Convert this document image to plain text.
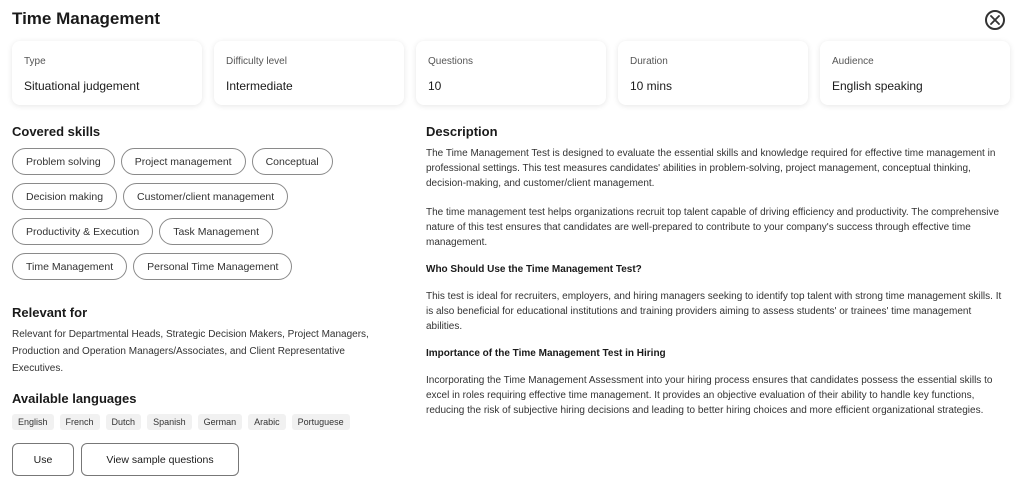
Time Management
Type
Situational judgement
Difficulty level
Intermediate
Questions
10
Duration
10 mins
Audience
English speaking
Covered skills
Problem solving	Project management	Conceptual
Decision making	Customer/client management
Productivity & Execution	Task Management
Time Management	Personal Time Management
Relevant for
Relevant for Departmental Heads, Strategic Decision Makers, Project Managers, Production and Operation Managers/Associates, and Client Representative Executives.
Available languages
English	French	Dutch	Spanish	German	Arabic	Portuguese
Use	View sample questions
Description

The Time Management Test is designed to evaluate the essential skills and knowledge required for effective time management in professional settings. This test measures candidates' abilities in problem-solving, project management, conceptual thinking, decision-making, and customer/client management.

The time management test helps organizations recruit top talent capable of driving efficiency and productivity. The comprehensive nature of this test ensures that candidates are well-prepared to contribute to your company's success through effective time management.

Who Should Use the Time Management Test?

This test is ideal for recruiters, employers, and hiring managers seeking to identify top talent with strong time management skills. It is also beneficial for educational institutions and training providers aiming to assess students' or trainees' time management abilities.

Importance of the Time Management Test in Hiring

Incorporating the Time Management Assessment into your hiring process ensures that candidates possess the essential skills to excel in roles requiring effective time management. It provides an objective evaluation of their ability to handle key functions, reducing the risk of subjective hiring decisions and leading to better hiring choices and more efficient organizational strategies.
